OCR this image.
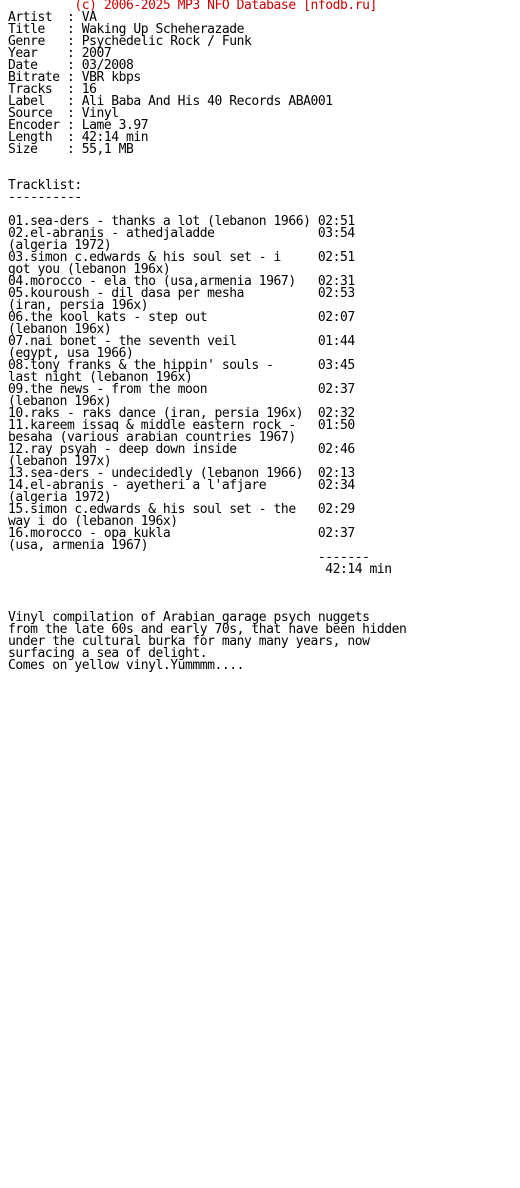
(c) 2006-2025 MP3 NFO Database [nfodb.ru]
Artist  : VA
Title   : Waking Up Scheherazade
Genre   : Psychedelic Rock / Funk
Year    : 2007
Date    : 03/2008
Bitrate : VBR kbps
Tracks  : 16
Label   : Ali Baba And His 40 Records ABA001
Source  : Vinyl
Encoder : Lame 3.97
Length  : 42:14 min
Size    : 55,1 MB
Tracklist:
----------
01.sea-ders - thanks a lot (lebanon 1966) 02:51
02.el-abranis - athedjaladde              03:54
(algeria 1972)
03.simon c.edwards & his soul set - i     02:51
got you (lebanon 196x)
04.morocco - ela tho (usa,armenia 1967)   02:31
05.kouroush - dil dasa per mesha          02:53
(iran, persia 196x)
06.the kool kats - step out               02:07
(lebanon 196x)
07.nai bonet - the seventh veil           01:44
(egypt, usa 1966)
08.tony franks & the hippin' souls -      03:45
last night (lebanon 196x)
09.the news - from the moon               02:37
(lebanon 196x)
10.raks - raks dance (iran, persia 196x)  02:32
11.kareem issaq & middle eastern rock -   01:50
besaha (various arabian countries 1967)
12.ray psyah - deep down inside           02:46
(lebanon 197x)
13.sea-ders - undecidedly (lebanon 1966)  02:13
14.el-abranis - ayetheri a l'afjare       02:34
(algeria 1972)
15.simon c.edwards & his soul set - the   02:29
way i do (lebanon 196x)
16.morocco - opa kukla                    02:37
(usa, armenia 1967)
-------
42:14 min
Vinyl compilation of Arabian garage psych nuggets
from the late 60s and early 70s, that have been hidden
under the cultural burka for many many years, now
surfacing a sea of delight.
Comes on yellow vinyl.Yummmm....
